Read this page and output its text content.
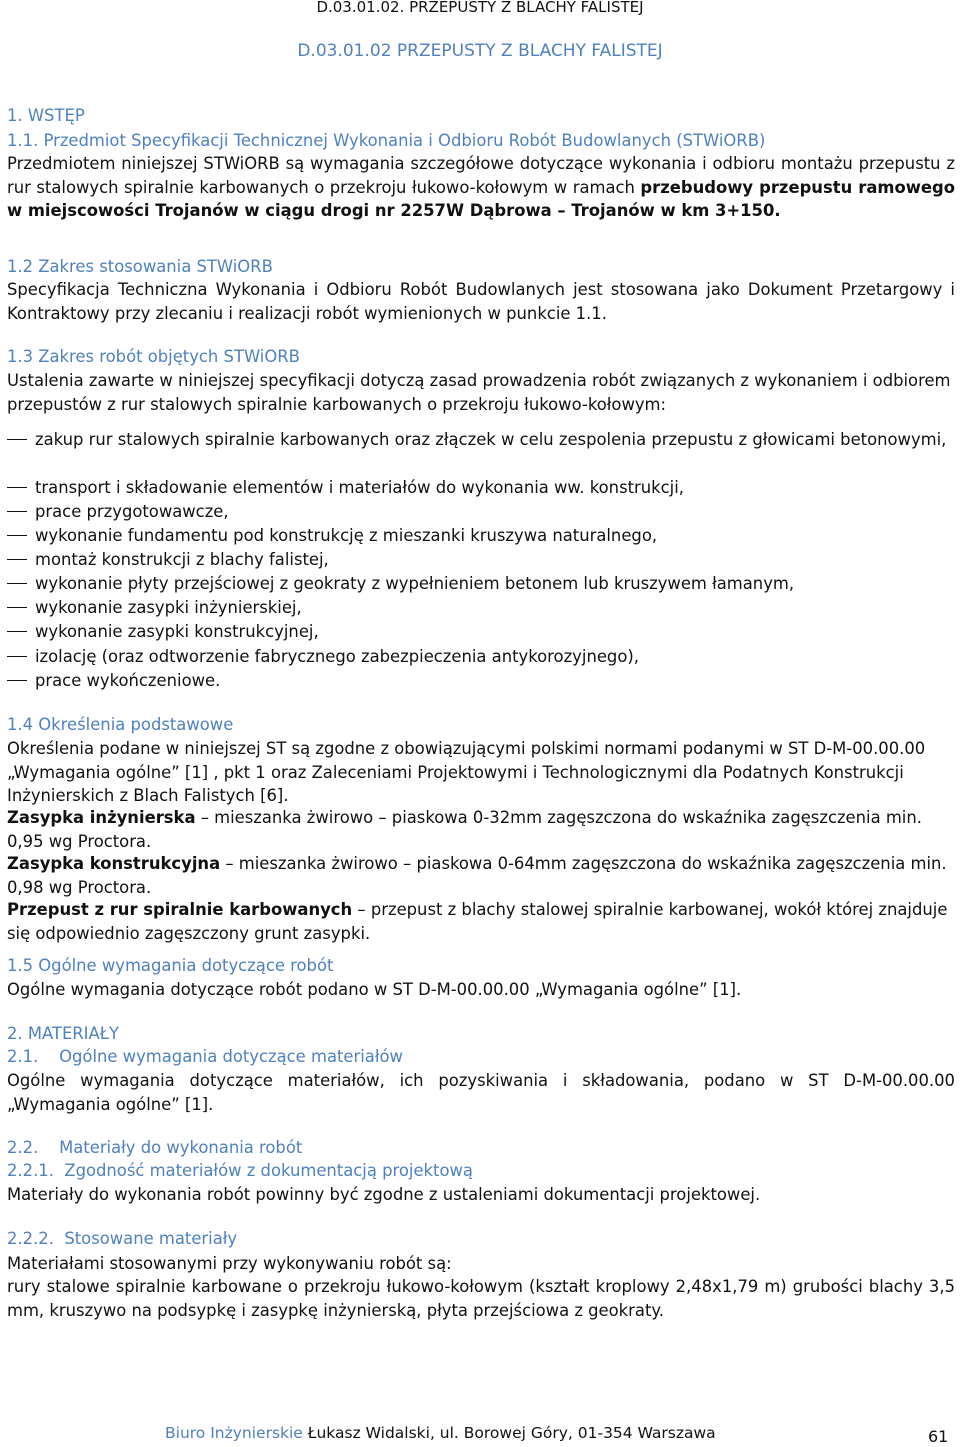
D.03.01.02. PRZEPUSTY Z BLACHY FALISTEJ
D.03.01.02 PRZEPUSTY Z BLACHY FALISTEJ
1. WSTĘP
1.1. Przedmiot Specyfikacji Technicznej Wykonania i Odbioru Robót Budowlanych (STWiORB)
Przedmiotem niniejszej STWiORB są wymagania szczegółowe dotyczące wykonania i odbioru montażu przepustu z rur stalowych spiralnie karbowanych o przekroju łukowo-kołowym w ramach przebudowy przepustu ramowego w miejscowości Trojanów w ciągu drogi nr 2257W Dąbrowa – Trojanów w km 3+150.
1.2 Zakres stosowania STWiORB
Specyfikacja Techniczna Wykonania i Odbioru Robót Budowlanych jest stosowana jako Dokument Przetargowy i Kontraktowy przy zlecaniu i realizacji robót wymienionych w punkcie 1.1.
1.3 Zakres robót objętych STWiORB
Ustalenia zawarte w niniejszej specyfikacji dotyczą zasad prowadzenia robót związanych z wykonaniem i odbiorem przepustów z rur stalowych spiralnie karbowanych o przekroju łukowo-kołowym:
zakup rur stalowych spiralnie karbowanych oraz złączek w celu zespolenia przepustu z głowicami betonowymi,
transport i składowanie elementów i materiałów do wykonania ww. konstrukcji,
prace przygotowawcze,
wykonanie fundamentu pod konstrukcję z mieszanki kruszywa naturalnego,
montaż konstrukcji z blachy falistej,
wykonanie płyty przejściowej z geokraty z wypełnieniem betonem lub kruszywem łamanym,
wykonanie zasypki inżynierskiej,
wykonanie zasypki konstrukcyjnej,
izolację (oraz odtworzenie fabrycznego zabezpieczenia antykorozyjnego),
prace wykończeniowe.
1.4 Określenia podstawowe
Określenia podane w niniejszej ST są zgodne z obowiązującymi polskimi normami podanymi w ST D-M-00.00.00 „Wymagania ogólne” [1] , pkt 1 oraz Zaleceniami Projektowymi i Technologicznymi dla Podatnych Konstrukcji Inżynierskich z Blach Falistych [6].
Zasypka inżynierska – mieszanka żwirowo – piaskowa 0-32mm zagęszczona do wskaźnika zagęszczenia min. 0,95 wg Proctora.
Zasypka konstrukcyjna – mieszanka żwirowo – piaskowa 0-64mm zagęszczona do wskaźnika zagęszczenia min. 0,98 wg Proctora.
Przepust z rur spiralnie karbowanych – przepust z blachy stalowej spiralnie karbowanej, wokół której znajduje się odpowiednio zagęszczony grunt zasypki.
1.5 Ogólne wymagania dotyczące robót
Ogólne wymagania dotyczące robót podano w ST D-M-00.00.00 „Wymagania ogólne” [1].
2. MATERIAŁY
2.1.    Ogólne wymagania dotyczące materiałów
Ogólne wymagania dotyczące materiałów, ich pozyskiwania i składowania, podano w ST D-M-00.00.00 „Wymagania ogólne” [1].
2.2.    Materiały do wykonania robót
2.2.1.  Zgodność materiałów z dokumentacją projektową
Materiały do wykonania robót powinny być zgodne z ustaleniami dokumentacji projektowej.
2.2.2.  Stosowane materiały
Materiałami stosowanymi przy wykonywaniu robót są:
rury stalowe spiralnie karbowane o przekroju łukowo-kołowym (kształt kroplowy 2,48x1,79 m) grubości blachy 3,5 mm, kruszywo na podsypkę i zasypkę inżynierską, płyta przejściowa z geokraty.
Biuro Inżynierskie Łukasz Widalski, ul. Borowej Góry, 01-354 Warszawa	61
